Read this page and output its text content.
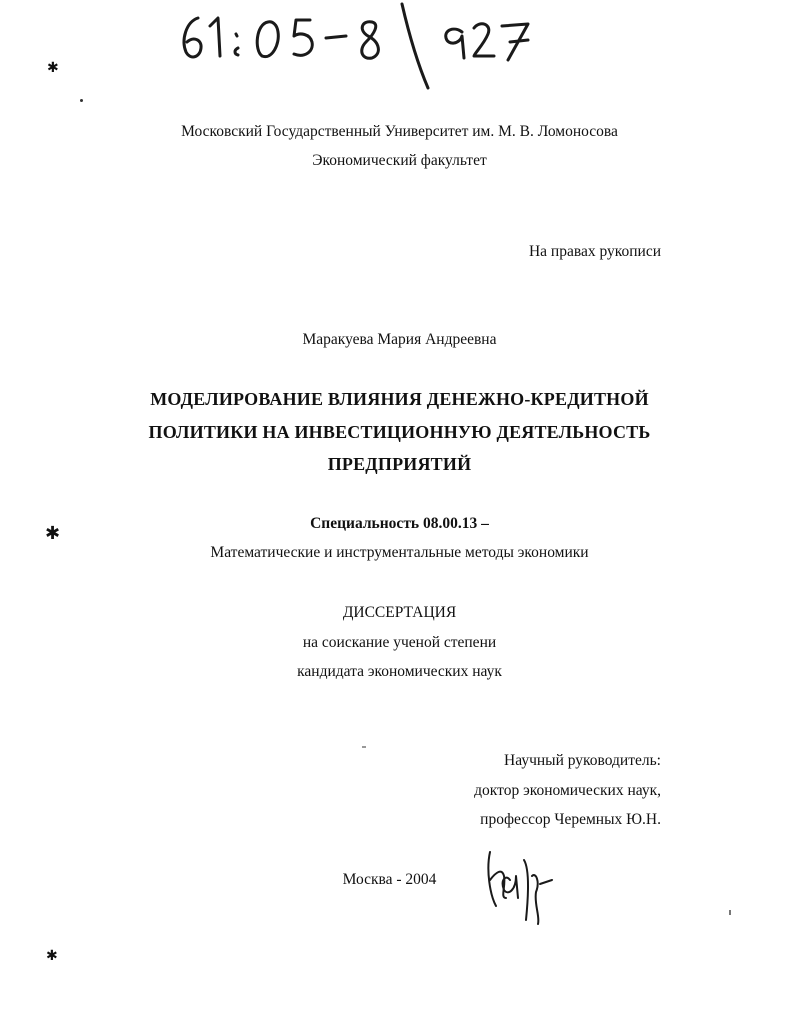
✱
✱
✱
Московский Государственный Университет им. М. В. Ломоносова
Экономический факультет
На правах рукописи
Маракуева Мария Андреевна
МОДЕЛИРОВАНИЕ ВЛИЯНИЯ ДЕНЕЖНО-КРЕДИТНОЙ
ПОЛИТИКИ НА ИНВЕСТИЦИОННУЮ ДЕЯТЕЛЬНОСТЬ
ПРЕДПРИЯТИЙ
Специальность 08.00.13 –
Математические и инструментальные методы экономики
ДИССЕРТАЦИЯ
на соискание ученой степени
кандидата экономических наук
Научный руководитель:
доктор экономических наук,
профессор Черемных Ю.Н.
Москва - 2004
